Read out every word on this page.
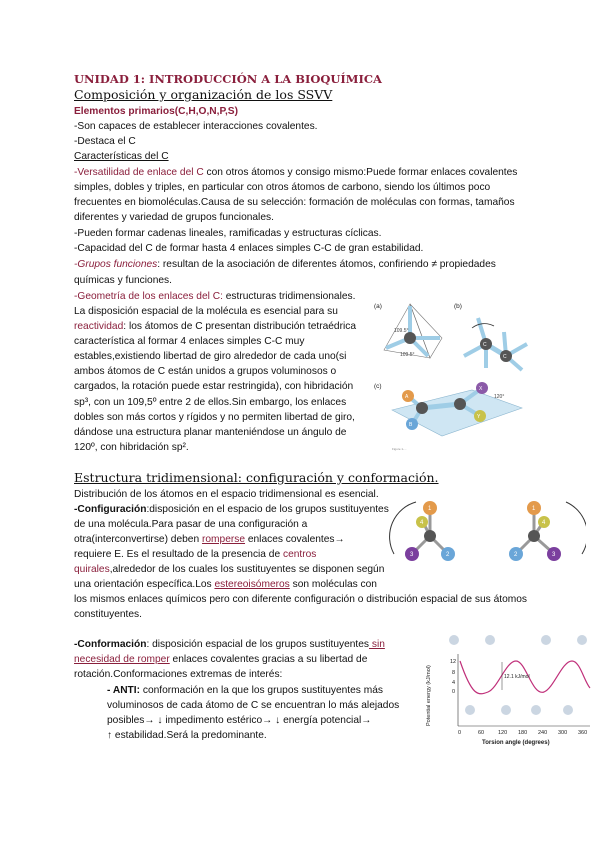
UNIDAD 1: INTRODUCCIÓN A LA BIOQUÍMICA
Composición y organización de los SSVV
Elementos primarios(C,H,O,N,P,S)
-Son capaces de establecer interacciones covalentes.
-Destaca el C
Características del C
-Versatilidad de enlace del C con otros átomos y consigo mismo:Puede formar enlaces covalentes
simples, dobles y triples, en particular con otros átomos de carbono, siendo los últimos poco
frecuentes en biomoléculas.Causa de su selección: formación de moléculas con formas, tamaños
diferentes y variedad de grupos funcionales.
-Pueden formar cadenas lineales, ramificadas y estructuras cíclicas.
-Capacidad del C de formar hasta 4 enlaces simples C-C de gran estabilidad.
-Grupos funciones: resultan de la asociación de diferentes átomos, confiriendo ≠ propiedades
químicas y funciones.
-Geometría de los enlaces del C: estructuras tridimensionales.
La disposición espacial de la molécula es esencial para su
reactividad: los átomos de C presentan distribución tetraédrica
característica al formar 4 enlaces simples C-C muy
estables,existiendo libertad de giro alrededor de cada uno(si
ambos átomos de C están unidos a grupos voluminosos o
cargados, la rotación puede estar restringida), con hibridación
sp³, con un 109,5º entre 2 de ellos.Sin embargo, los enlaces
dobles son más cortos y rígidos y no permiten libertad de giro,
dándose una estructura planar manteniéndose un ángulo de
120º, con hibridación sp².
(a)	(b)
109.5°
109.5°
C
C
(c)
A
B
X
Y
120°
Figure 1-...
Estructura tridimensional: configuración y conformación.
Distribución de los átomos en el espacio tridimensional es esencial.
-Configuración:disposición en el espacio de los grupos sustituyentes
de una molécula.Para pasar de una configuración a
otra(interconvertirse) deben romperse enlaces covalentes→
requiere E. Es el resultado de la presencia de centros
quirales,alrededor de los cuales los sustituyentes se disponen según
una orientación específica.Los estereoisómeros son moléculas con
los mismos enlaces químicos pero con diferente configuración o distribución espacial de sus átomos
constituyentes.
1
4
3	2
1
4
2	3
-Conformación: disposición espacial de los grupos sustituyentes sin
necesidad de romper enlaces covalentes gracias a su libertad de
rotación.Conformaciones extremas de interés:
- ANTI: conformación en la que los grupos sustituyentes más
voluminosos de cada átomo de C se encuentran lo más alejados
posibles→ ↓ impedimento estérico→ ↓ energía potencial→
↑ estabilidad.Será la predominante.
Potential energy (kJ/mol)
12
8
4
0
12.1 kJ/mol
0	60	120 180 240 300 360
Torsion angle (degrees)
